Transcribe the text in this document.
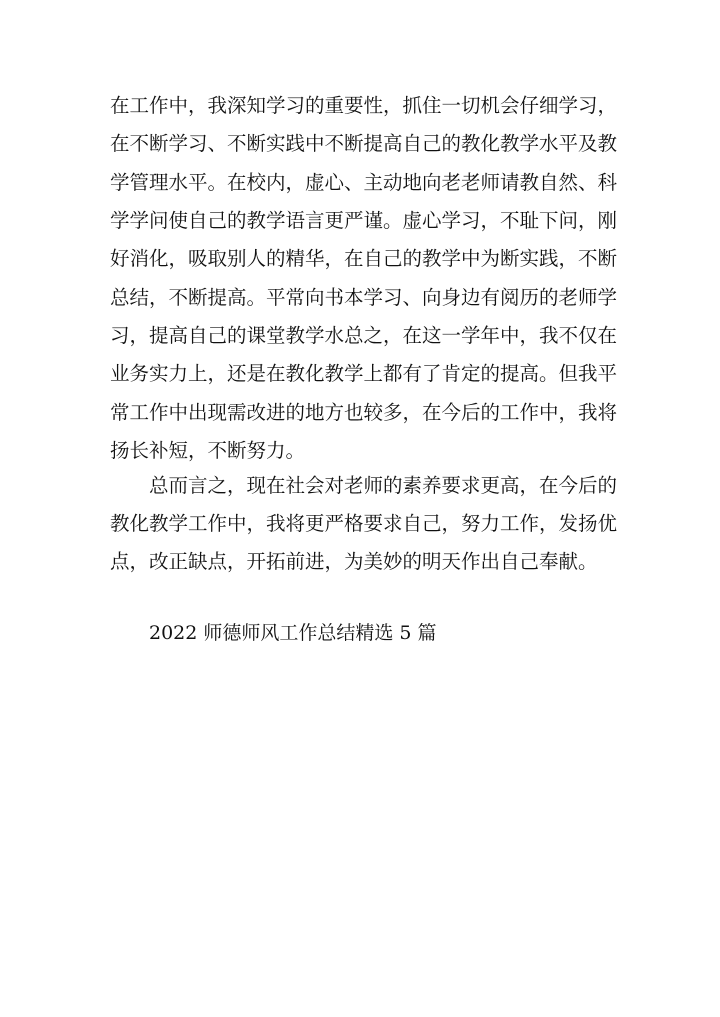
在工作中，我深知学习的重要性，抓住一切机会仔细学习，
在不断学习、不断实践中不断提高自己的教化教学水平及教
学管理水平。在校内，虚心、主动地向老老师请教自然、科
学学问使自己的教学语言更严谨。虚心学习，不耻下问，刚
好消化，吸取别人的精华，在自己的教学中为断实践，不断
总结，不断提高。平常向书本学习、向身边有阅历的老师学
习，提高自己的课堂教学水总之，在这一学年中，我不仅在
业务实力上，还是在教化教学上都有了肯定的提高。但我平
常工作中出现需改进的地方也较多，在今后的工作中，我将
扬长补短，不断努力。
总而言之，现在社会对老师的素养要求更高，在今后的
教化教学工作中，我将更严格要求自己，努力工作，发扬优
点，改正缺点，开拓前进，为美妙的明天作出自己奉献。
2022 师德师风工作总结精选 5 篇
